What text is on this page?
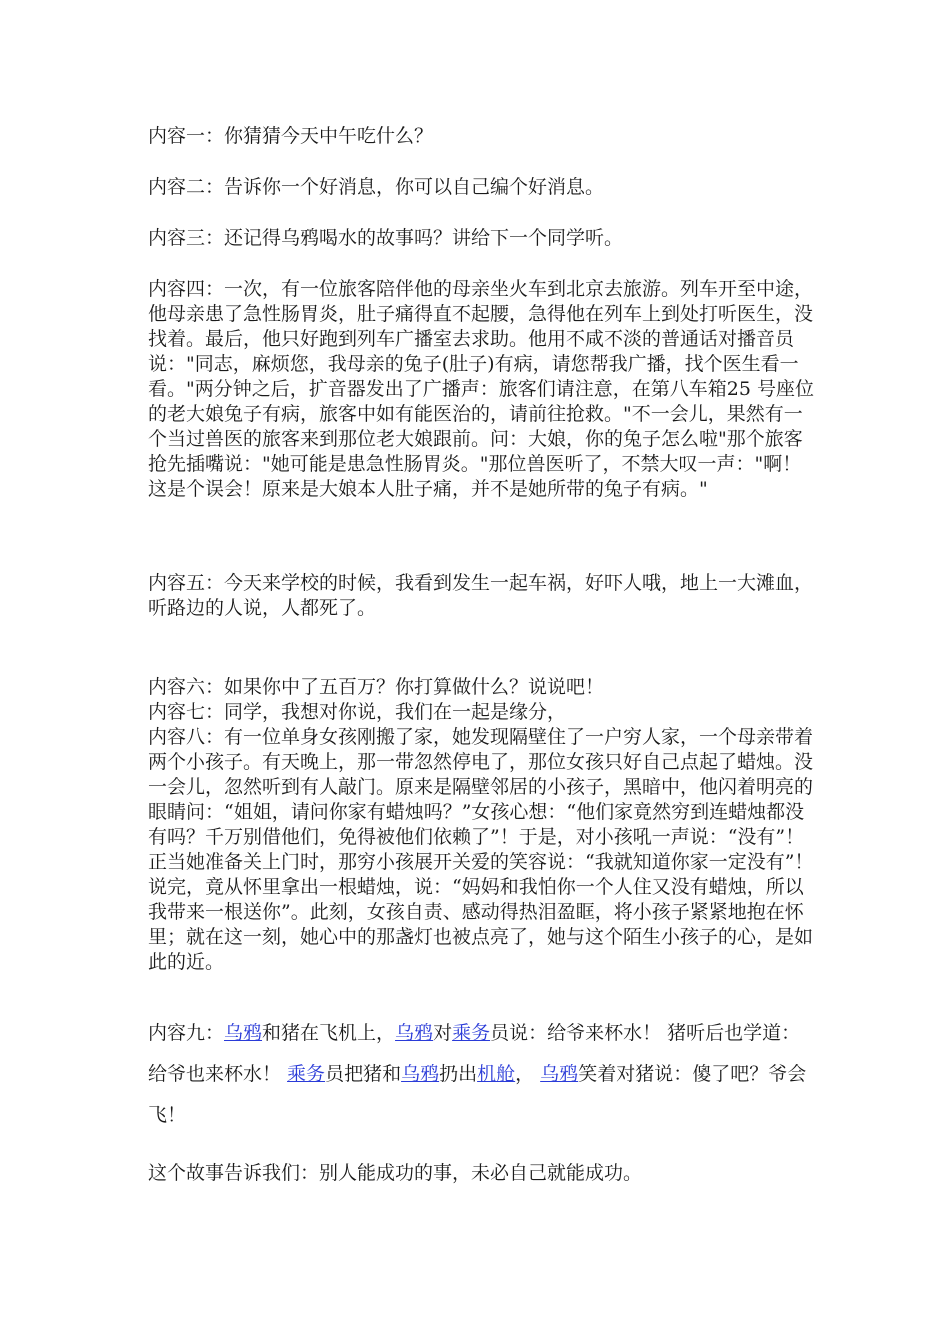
内容一：你猜猜今天中午吃什么？

内容二：告诉你一个好消息，你可以自己编个好消息。

内容三：还记得乌鸦喝水的故事吗？讲给下一个同学听。

内容四：一次，有一位旅客陪伴他的母亲坐火车到北京去旅游。列车开至中途，他母亲患了急性肠胃炎，肚子痛得直不起腰，急得他在列车上到处打听医生，没找着。最后，他只好跑到列车广播室去求助。他用不咸不淡的普通话对播音员说："同志，麻烦您，我母亲的兔子(肚子)有病，请您帮我广播，找个医生看一看。"两分钟之后，扩音器发出了广播声：旅客们请注意，在第八车箱25 号座位的老大娘兔子有病，旅客中如有能医治的，请前往抢救。"不一会儿，果然有一个当过兽医的旅客来到那位老大娘跟前。问：大娘，你的兔子怎么啦"那个旅客抢先插嘴说："她可能是患急性肠胃炎。"那位兽医听了，不禁大叹一声："啊！这是个误会！原来是大娘本人肚子痛，并不是她所带的兔子有病。"

内容五：今天来学校的时候，我看到发生一起车祸，好吓人哦，地上一大滩血，听路边的人说，人都死了。

内容六：如果你中了五百万？你打算做什么？说说吧！

内容七：同学，我想对你说，我们在一起是缘分，

内容八：有一位单身女孩刚搬了家，她发现隔壁住了一户穷人家，一个母亲带着两个小孩子。有天晚上，那一带忽然停电了，那位女孩只好自己点起了蜡烛。没一会儿，忽然听到有人敲门。原来是隔壁邻居的小孩子，黑暗中，他闪着明亮的眼睛问：“姐姐，请问你家有蜡烛吗？”女孩心想：“他们家竟然穷到连蜡烛都没有吗？千万别借他们，免得被他们依赖了”！于是，对小孩吼一声说：“没有”！正当她准备关上门时，那穷小孩展开关爱的笑容说：“我就知道你家一定没有”！说完，竟从怀里拿出一根蜡烛，说：“妈妈和我怕你一个人住又没有蜡烛，所以我带来一根送你”。此刻，女孩自责、感动得热泪盈眶，将小孩子紧紧地抱在怀里；就在这一刻，她心中的那盏灯也被点亮了，她与这个陌生小孩子的心，是如此的近。

内容九：乌鸦和猪在飞机上，乌鸦对乘务员说：给爷来杯水！ 猪听后也学道：给爷也来杯水！ 乘务员把猪和乌鸦扔出机舱， 乌鸦笑着对猪说：傻了吧？爷会飞！

这个故事告诉我们：别人能成功的事，未必自己就能成功。
